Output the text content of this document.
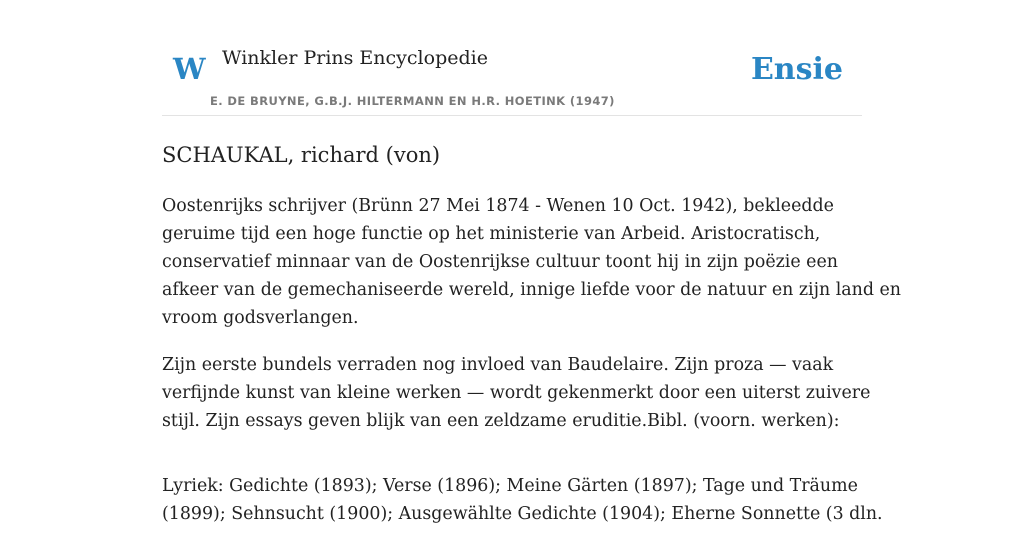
W Winkler Prins Encyclopedie
E. DE BRUYNE, G.B.J. HILTERMANN EN H.R. HOETINK (1947)
Ensie
SCHAUKAL, richard (von)

Oostenrijks schrijver (Brünn 27 Mei 1874 - Wenen 10 Oct. 1942), bekleedde
geruime tijd een hoge functie op het ministerie van Arbeid. Aristocratisch,
conservatief minnaar van de Oostenrijkse cultuur toont hij in zijn poëzie een
afkeer van de gemechaniseerde wereld, innige liefde voor de natuur en zijn land en
vroom godsverlangen.

Zijn eerste bundels verraden nog invloed van Baudelaire. Zijn proza — vaak
verfijnde kunst van kleine werken — wordt gekenmerkt door een uiterst zuivere
stijl. Zijn essays geven blijk van een zeldzame eruditie.Bibl. (voorn. werken):

Lyriek: Gedichte (1893); Verse (1896); Meine Gärten (1897); Tage und Träume
(1899); Sehnsucht (1900); Ausgewählte Gedichte (1904); Eherne Sonnette (3 dln.
